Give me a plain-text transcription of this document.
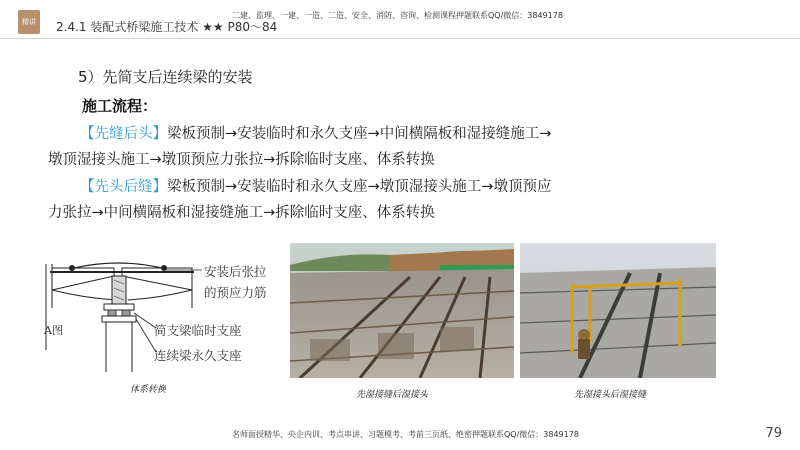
精讲	2.4.1 装配式桥梁施工技术 ★★ P80～84
二建、监理、一建、一造、二造、安全、消防、咨询、检测课程押题联系QQ/微信：3849178
5）先简支后连续梁的安装
施工流程：
【先缝后头】梁板预制→安装临时和永久支座→中间横隔板和湿接缝施工→
墩顶湿接头施工→墩顶预应力张拉→拆除临时支座、体系转换
【先头后缝】梁板预制→安装临时和永久支座→墩顶湿接头施工→墩顶预应
力张拉→中间横隔板和湿接缝施工→拆除临时支座、体系转换
安装后张拉
的预应力筋
简支梁临时支座
连续梁永久支座
A图
体系转换	先湿接缝后湿接头	先湿接头后湿接缝
79
名师面授精华、央企内训、考点串讲、习题模考、考前三页纸、绝密押题联系QQ/微信：3849178
